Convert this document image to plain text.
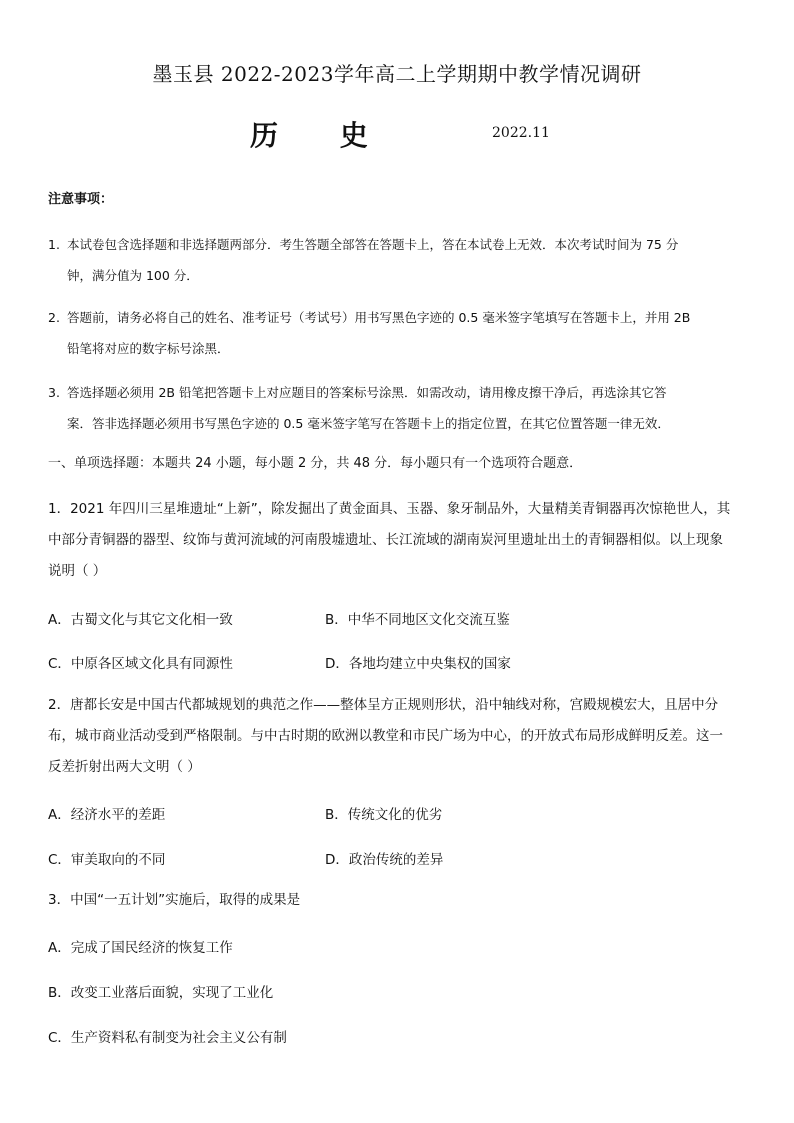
墨玉县 2022-2023学年高二上学期期中教学情况调研
历 史	2022.11
注意事项：
1. 本试卷包含选择题和非选择题两部分．考生答题全部答在答题卡上，答在本试卷上无效．本次考试时间为 75 分
钟，满分值为 100 分．
2. 答题前，请务必将自己的姓名、准考证号（考试号）用书写黑色字迹的 0.5 毫米签字笔填写在答题卡上，并用 2B
铅笔将对应的数字标号涂黑．
3. 答选择题必须用 2B 铅笔把答题卡上对应题目的答案标号涂黑．如需改动，请用橡皮擦干净后，再选涂其它答
案．答非选择题必须用书写黑色字迹的 0.5 毫米签字笔写在答题卡上的指定位置，在其它位置答题一律无效．
一、单项选择题：本题共 24 小题，每小题 2 分，共 48 分．每小题只有一个选项符合题意．
1．2021 年四川三星堆遗址“上新”，除发掘出了黄金面具、玉器、象牙制品外，大量精美青铜器再次惊艳世人，其
中部分青铜器的器型、纹饰与黄河流域的河南殷墟遗址、长江流域的湖南炭河里遗址出土的青铜器相似。以上现象
说明（ ）
A．古蜀文化与其它文化相一致	B．中华不同地区文化交流互鉴
C．中原各区域文化具有同源性	D．各地均建立中央集权的国家
2．唐都长安是中国古代都城规划的典范之作——整体呈方正规则形状，沿中轴线对称，宫殿规模宏大，且居中分
布，城市商业活动受到严格限制。与中古时期的欧洲以教堂和市民广场为中心，的开放式布局形成鲜明反差。这一
反差折射出两大文明（ ）
A．经济水平的差距	B．传统文化的优劣
C．审美取向的不同	D．政治传统的差异
3．中国“一五计划”实施后，取得的成果是
A．完成了国民经济的恢复工作
B．改变工业落后面貌，实现了工业化
C．生产资料私有制变为社会主义公有制
